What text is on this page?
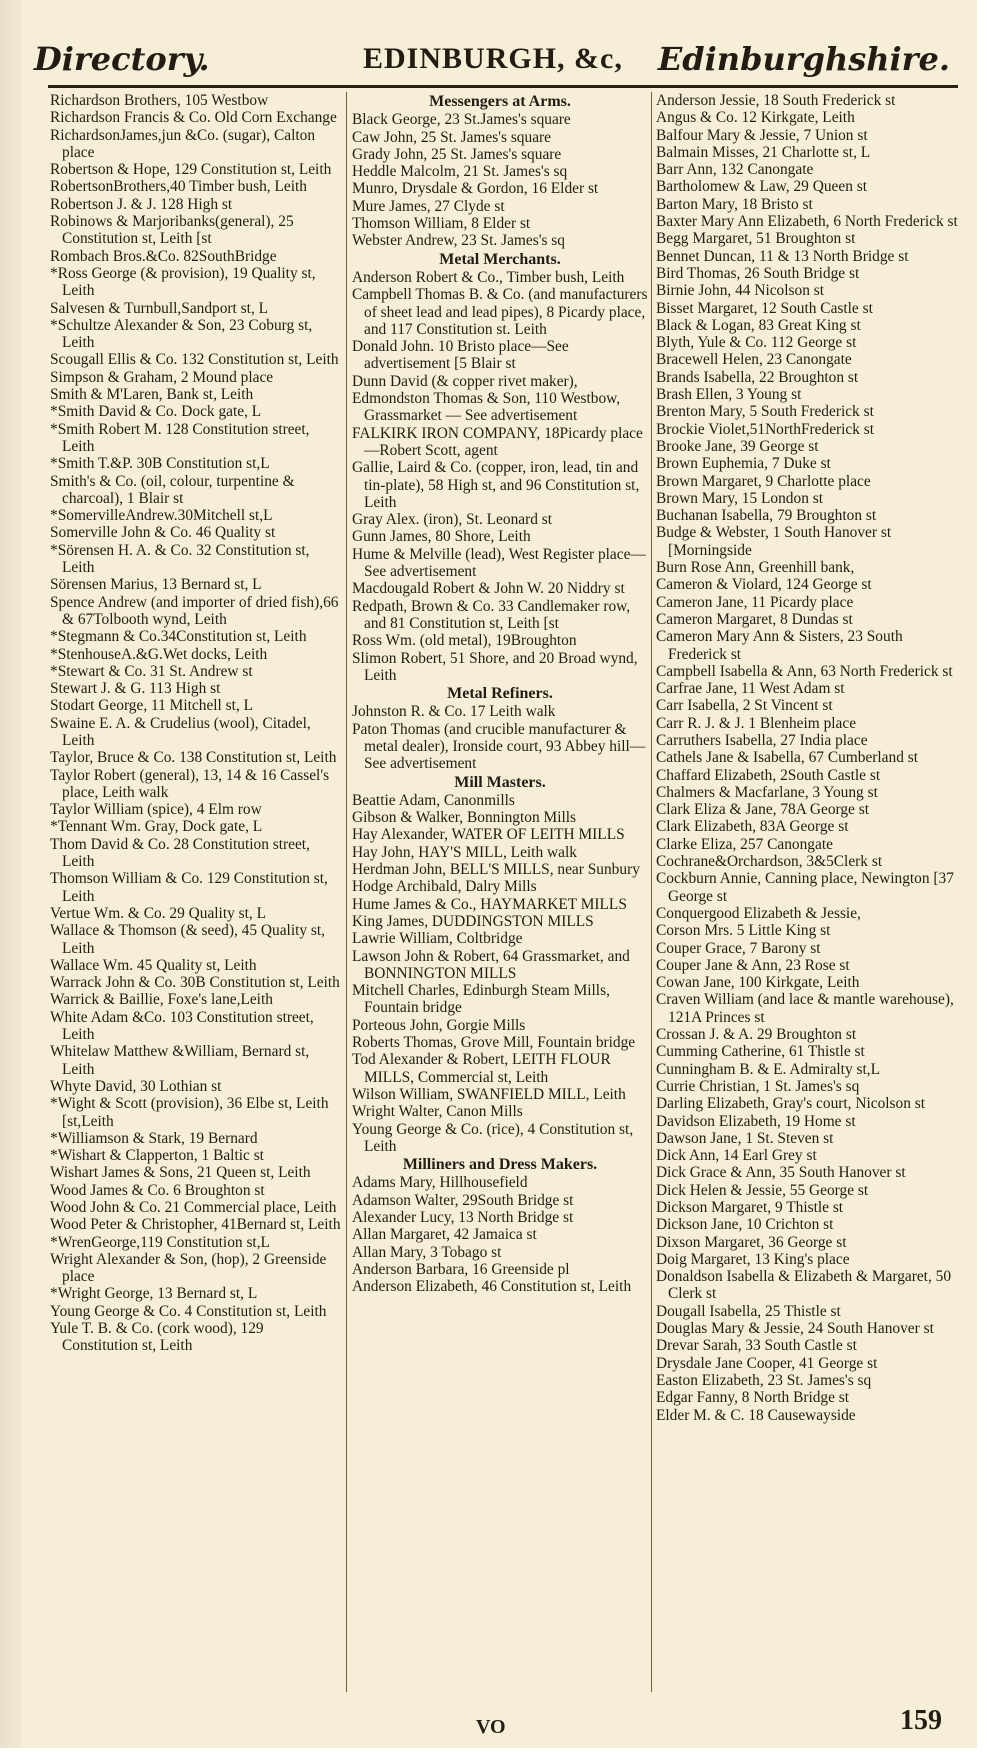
Directory.	EDINBURGH, &c, Edinburghshire.

Richardson Brothers, 105 Westbow

Richardson Francis & Co. Old Corn Exchange

RichardsonJames,jun &Co. (sugar), Calton place

Robertson & Hope, 129 Constitution st, Leith

RobertsonBrothers,40 Timber bush, Leith

Robertson J. & J. 128 High st

Robinows & Marjoribanks(general), 25 Constitution st, Leith [st

Rombach Bros.&Co. 82SouthBridge

*Ross George (& provision), 19 Quality st, Leith

Salvesen & Turnbull,Sandport st, L

*Schultze Alexander & Son, 23 Coburg st, Leith

Scougall Ellis & Co. 132 Constitution st, Leith

Simpson & Graham, 2 Mound place

Smith & M'Laren, Bank st, Leith

*Smith David & Co. Dock gate, L

*Smith Robert M. 128 Constitution street, Leith

*Smith T.&P. 30B Constitution st,L

Smith's & Co. (oil, colour, turpentine & charcoal), 1 Blair st

*SomervilleAndrew.30Mitchell st,L

Somerville John & Co. 46 Quality st

*Sörensen H. A. & Co. 32 Constitution st, Leith

Sörensen Marius, 13 Bernard st, L

Spence Andrew (and importer of dried fish),66 & 67Tolbooth wynd, Leith

*Stegmann & Co.34Constitution st, Leith

*StenhouseA.&G.Wet docks, Leith

*Stewart & Co. 31 St. Andrew st

Stewart J. & G. 113 High st

Stodart George, 11 Mitchell st, L

Swaine E. A. & Crudelius (wool), Citadel, Leith

Taylor, Bruce & Co. 138 Constitution st, Leith

Taylor Robert (general), 13, 14 & 16 Cassel's place, Leith walk

Taylor William (spice), 4 Elm row

*Tennant Wm. Gray, Dock gate, L

Thom David & Co. 28 Constitution street, Leith

Thomson William & Co. 129 Constitution st, Leith

Vertue Wm. & Co. 29 Quality st, L

Wallace & Thomson (& seed), 45 Quality st, Leith

Wallace Wm. 45 Quality st, Leith

Warrack John & Co. 30B Constitution st, Leith

Warrick & Baillie, Foxe's lane,Leith

White Adam &Co. 103 Constitution street, Leith

Whitelaw Matthew &William, Bernard st, Leith

Whyte David, 30 Lothian st

*Wight & Scott (provision), 36 Elbe st, Leith [st,Leith

*Williamson & Stark, 19 Bernard

*Wishart & Clapperton, 1 Baltic st

Wishart James & Sons, 21 Queen st, Leith

Wood James & Co. 6 Broughton st

Wood John & Co. 21 Commercial place, Leith

Wood Peter & Christopher, 41Bernard st, Leith

*WrenGeorge,119 Constitution st,L

Wright Alexander & Son, (hop), 2 Greenside place

*Wright George, 13 Bernard st, L

Young George & Co. 4 Constitution st, Leith

Yule T. B. & Co. (cork wood), 129 Constitution st, Leith

Messengers at Arms.

Black George, 23 St.James's square

Caw John, 25 St. James's square

Grady John, 25 St. James's square

Heddle Malcolm, 21 St. James's sq

Munro, Drysdale & Gordon, 16 Elder st

Mure James, 27 Clyde st

Thomson William, 8 Elder st

Webster Andrew, 23 St. James's sq

Metal Merchants.

Anderson Robert & Co., Timber bush, Leith

Campbell Thomas B. & Co. (and manufacturers of sheet lead and lead pipes), 8 Picardy place, and 117 Constitution st. Leith

Donald John. 10 Bristo place—See advertisement [5 Blair st

Dunn David (& copper rivet maker),

Edmondston Thomas & Son, 110 Westbow, Grassmarket — See advertisement

FALKIRK IRON COMPANY, 18Picardy place—Robert Scott, agent

Gallie, Laird & Co. (copper, iron, lead, tin and tin-plate), 58 High st, and 96 Constitution st, Leith

Gray Alex. (iron), St. Leonard st

Gunn James, 80 Shore, Leith

Hume & Melville (lead), West Register place—See advertisement

Macdougald Robert & John W. 20 Niddry st

Redpath, Brown & Co. 33 Candlemaker row, and 81 Constitution st, Leith [st

Ross Wm. (old metal), 19Broughton

Slimon Robert, 51 Shore, and 20 Broad wynd, Leith

Metal Refiners.

Johnston R. & Co. 17 Leith walk

Paton Thomas (and crucible manufacturer & metal dealer), Ironside court, 93 Abbey hill—See advertisement

Mill Masters.

Beattie Adam, Canonmills

Gibson & Walker, Bonnington Mills

Hay Alexander, WATER OF LEITH MILLS

Hay John, HAY'S MILL, Leith walk

Herdman John, BELL'S MILLS, near Sunbury

Hodge Archibald, Dalry Mills

Hume James & Co., HAYMARKET MILLS

King James, DUDDINGSTON MILLS

Lawrie William, Coltbridge

Lawson John & Robert, 64 Grassmarket, and BONNINGTON MILLS

Mitchell Charles, Edinburgh Steam Mills, Fountain bridge

Porteous John, Gorgie Mills

Roberts Thomas, Grove Mill, Fountain bridge

Tod Alexander & Robert, LEITH FLOUR MILLS, Commercial st, Leith

Wilson William, SWANFIELD MILL, Leith

Wright Walter, Canon Mills

Young George & Co. (rice), 4 Constitution st, Leith

Milliners and Dress Makers.

Adams Mary, Hillhousefield

Adamson Walter, 29South Bridge st

Alexander Lucy, 13 North Bridge st

Allan Margaret, 42 Jamaica st

Allan Mary, 3 Tobago st

Anderson Barbara, 16 Greenside pl

Anderson Elizabeth, 46 Constitution st, Leith

Anderson Jessie, 18 South Frederick st

Angus & Co. 12 Kirkgate, Leith

Balfour Mary & Jessie, 7 Union st

Balmain Misses, 21 Charlotte st, L

Barr Ann, 132 Canongate

Bartholomew & Law, 29 Queen st

Barton Mary, 18 Bristo st

Baxter Mary Ann Elizabeth, 6 North Frederick st

Begg Margaret, 51 Broughton st

Bennet Duncan, 11 & 13 North Bridge st

Bird Thomas, 26 South Bridge st

Birnie John, 44 Nicolson st

Bisset Margaret, 12 South Castle st

Black & Logan, 83 Great King st

Blyth, Yule & Co. 112 George st

Bracewell Helen, 23 Canongate

Brands Isabella, 22 Broughton st

Brash Ellen, 3 Young st

Brenton Mary, 5 South Frederick st

Brockie Violet,51NorthFrederick st

Brooke Jane, 39 George st

Brown Euphemia, 7 Duke st

Brown Margaret, 9 Charlotte place

Brown Mary, 15 London st

Buchanan Isabella, 79 Broughton st

Budge & Webster, 1 South Hanover st [Morningside

Burn Rose Ann, Greenhill bank,

Cameron & Violard, 124 George st

Cameron Jane, 11 Picardy place

Cameron Margaret, 8 Dundas st

Cameron Mary Ann & Sisters, 23 South Frederick st

Campbell Isabella & Ann, 63 North Frederick st

Carfrae Jane, 11 West Adam st

Carr Isabella, 2 St Vincent st

Carr R. J. & J. 1 Blenheim place

Carruthers Isabella, 27 India place

Cathels Jane & Isabella, 67 Cumberland st

Chaffard Elizabeth, 2South Castle st

Chalmers & Macfarlane, 3 Young st

Clark Eliza & Jane, 78A George st

Clark Elizabeth, 83A George st

Clarke Eliza, 257 Canongate

Cochrane&Orchardson, 3&5Clerk st

Cockburn Annie, Canning place, Newington [37 George st

Conquergood Elizabeth & Jessie,

Corson Mrs. 5 Little King st

Couper Grace, 7 Barony st

Couper Jane & Ann, 23 Rose st

Cowan Jane, 100 Kirkgate, Leith

Craven William (and lace & mantle warehouse), 121A Princes st

Crossan J. & A. 29 Broughton st

Cumming Catherine, 61 Thistle st

Cunningham B. & E. Admiralty st,L

Currie Christian, 1 St. James's sq

Darling Elizabeth, Gray's court, Nicolson st

Davidson Elizabeth, 19 Home st

Dawson Jane, 1 St. Steven st

Dick Ann, 14 Earl Grey st

Dick Grace & Ann, 35 South Hanover st

Dick Helen & Jessie, 55 George st

Dickson Margaret, 9 Thistle st

Dickson Jane, 10 Crichton st

Dixson Margaret, 36 George st

Doig Margaret, 13 King's place

Donaldson Isabella & Elizabeth & Margaret, 50 Clerk st

Dougall Isabella, 25 Thistle st

Douglas Mary & Jessie, 24 South Hanover st

Drevar Sarah, 33 South Castle st

Drysdale Jane Cooper, 41 George st

Easton Elizabeth, 23 St. James's sq

Edgar Fanny, 8 North Bridge st

Elder M. & C. 18 Causewayside

VO	159
